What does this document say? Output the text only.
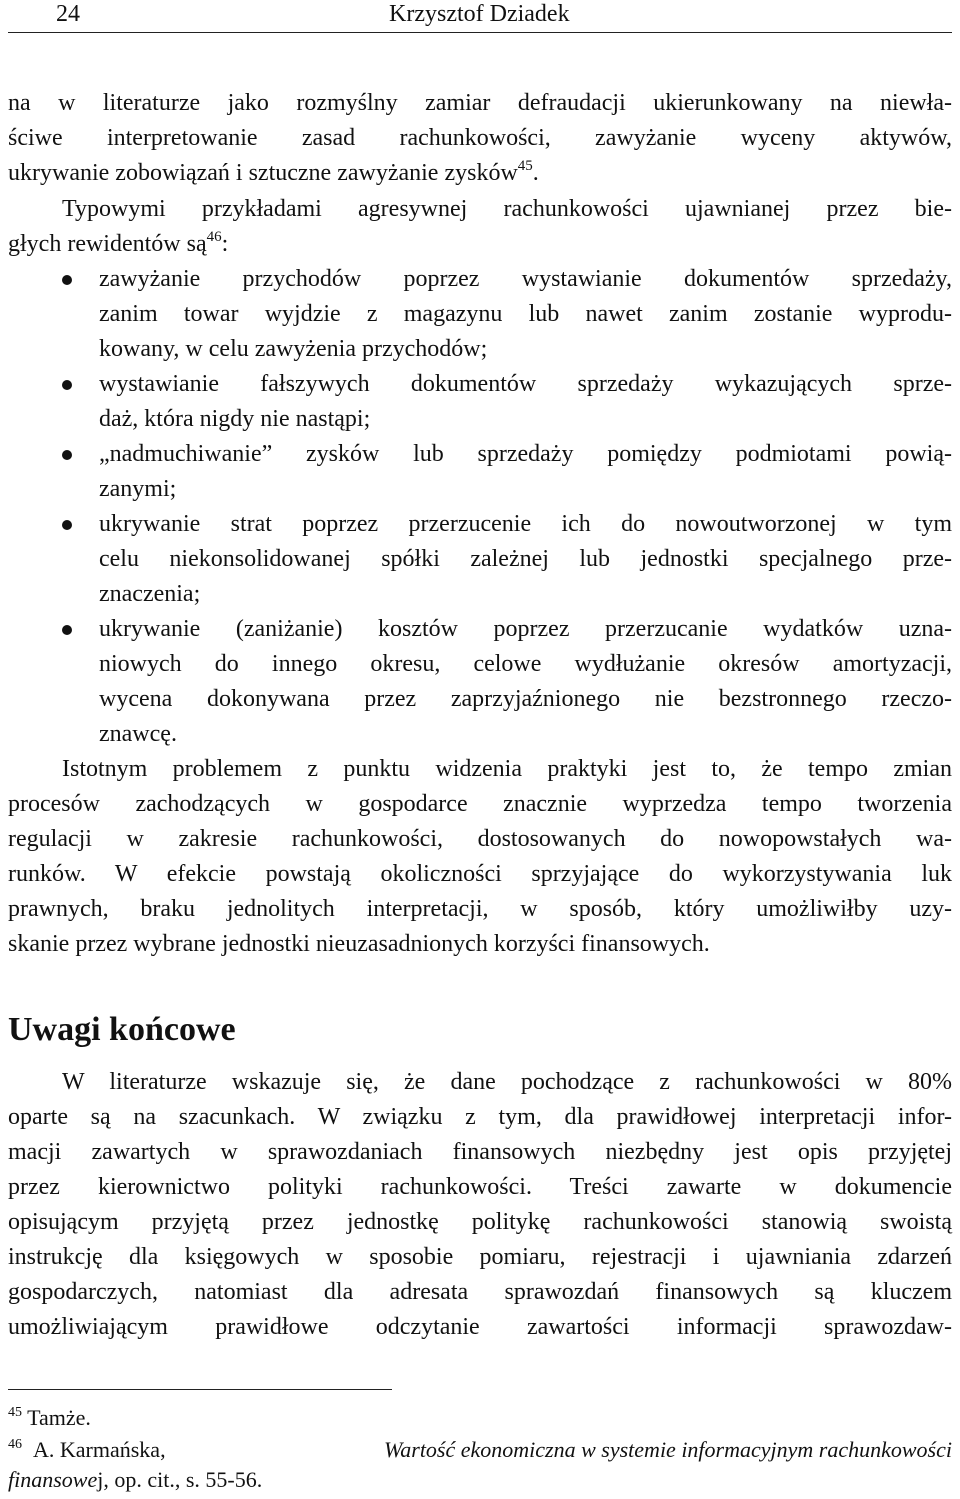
24	Krzysztof Dziadek
na w literaturze jako rozmyślny zamiar defraudacji ukierunkowany na niewła-
ściwe interpretowanie zasad rachunkowości, zawyżanie wyceny aktywów,
ukrywanie zobowiązań i sztuczne zawyżanie zysków$^{45}$.
Typowymi przykładami agresywnej rachunkowości ujawnianej przez bie-
głych rewidentów $są^{46}$:
zawyżanie przychodów poprzez wystawianie dokumentów sprzedaży,
zanim towar wyjdzie z magazynu lub nawet zanim zostanie wyprodu-
kowany, w celu zawyżenia przychodów;
wystawianie fałszywych dokumentów sprzedaży wykazujących sprze-
daż, która nigdy nie nastąpi;
„nadmuchiwanie” zysków lub sprzedaży pomiędzy podmiotami powią-
zanymi;
ukrywanie strat poprzez przerzucenie ich do nowoutworzonej w tym
celu niekonsolidowanej spółki zależnej lub jednostki specjalnego prze-
znaczenia;
ukrywanie (zaniżanie) kosztów poprzez przerzucanie wydatków uzna-
niowych do innego okresu, celowe wydłużanie okresów amortyzacji,
wycena dokonywana przez zaprzyjaźnionego nie bezstronnego rzeczo-
znawcę.
Istotnym problemem z punktu widzenia praktyki jest to, że tempo zmian
procesów zachodzących w gospodarce znacznie wyprzedza tempo tworzenia
regulacji w zakresie rachunkowości, dostosowanych do nowopowstałych wa-
runków. W efekcie powstają okoliczności sprzyjające do wykorzystywania luk
prawnych, braku jednolitych interpretacji, w sposób, który umożliwiłby uzy-
skanie przez wybrane jednostki nieuzasadnionych korzyści finansowych.
Uwagi końcowe
W literaturze wskazuje się, że dane pochodzące z rachunkowości w 80%
oparte są na szacunkach. W związku z tym, dla prawidłowej interpretacji infor-
macji zawartych w sprawozdaniach finansowych niezbędny jest opis przyjętej
przez kierownictwo polityki rachunkowości. Treści zawarte w dokumencie
opisującym przyjętą przez jednostkę politykę rachunkowości stanowią swoistą
instrukcję dla księgowych w sposobie pomiaru, rejestracji i ujawniania zdarzeń
gospodarczych, natomiast dla adresata sprawozdań finansowych są kluczem
umożliwiającym prawidłowe odczytanie zawartości informacji sprawozdaw-
$^{45}$ Tamże.
$^{46}$ A. Karmańska,	Wartość ekonomiczna w systemie informacyjnym rachunkowości
finansowej, op. cit., s. 55-56.
